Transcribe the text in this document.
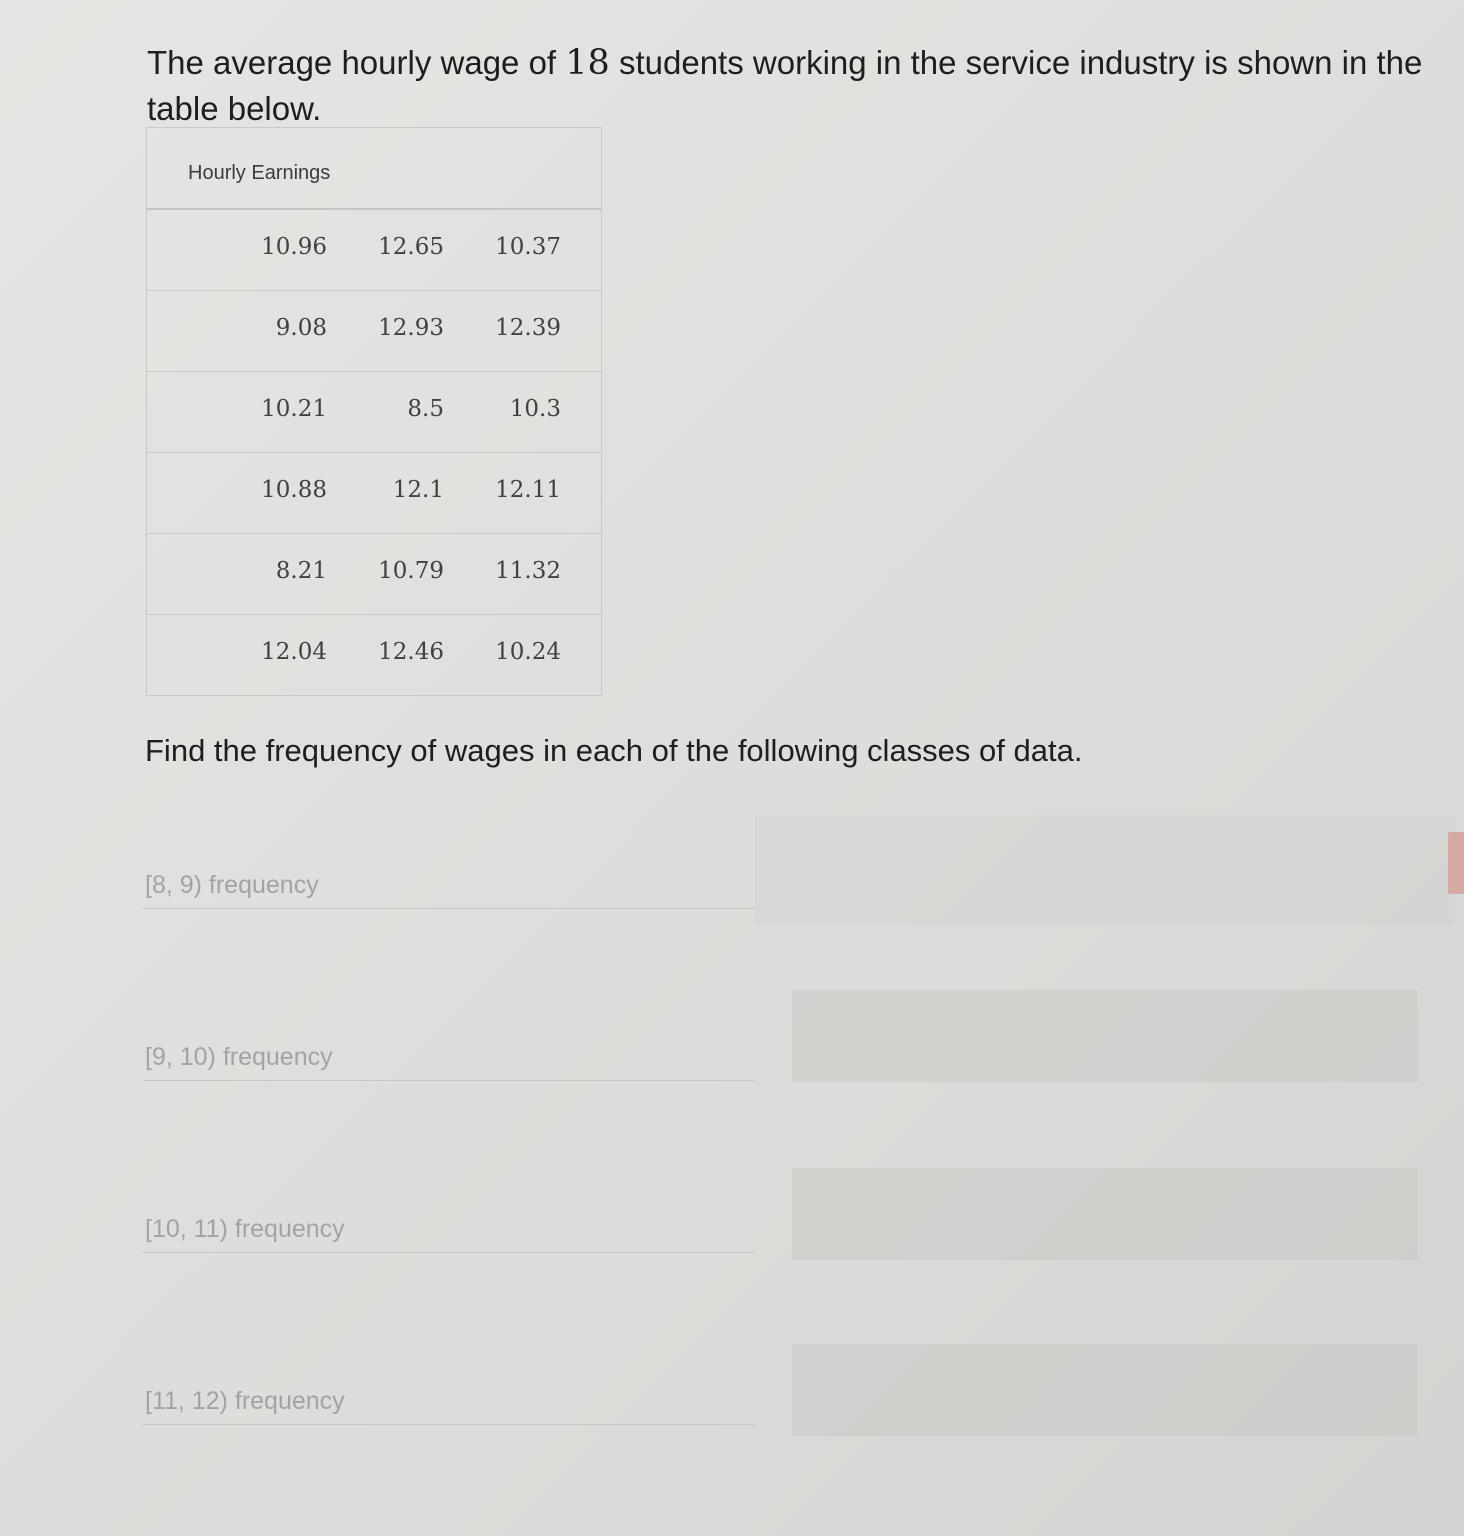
The average hourly wage of 18 students working in the service industry is shown in the table below.
Hourly Earnings
10.96	12.65	10.37
9.08	12.93	12.39
10.21	8.5	10.3
10.88	12.1	12.11
8.21	10.79	11.32
12.04	12.46	10.24
Find the frequency of wages in each of the following classes of data.
[8, 9) frequency
[9, 10) frequency
[10, 11) frequency
[11, 12) frequency
